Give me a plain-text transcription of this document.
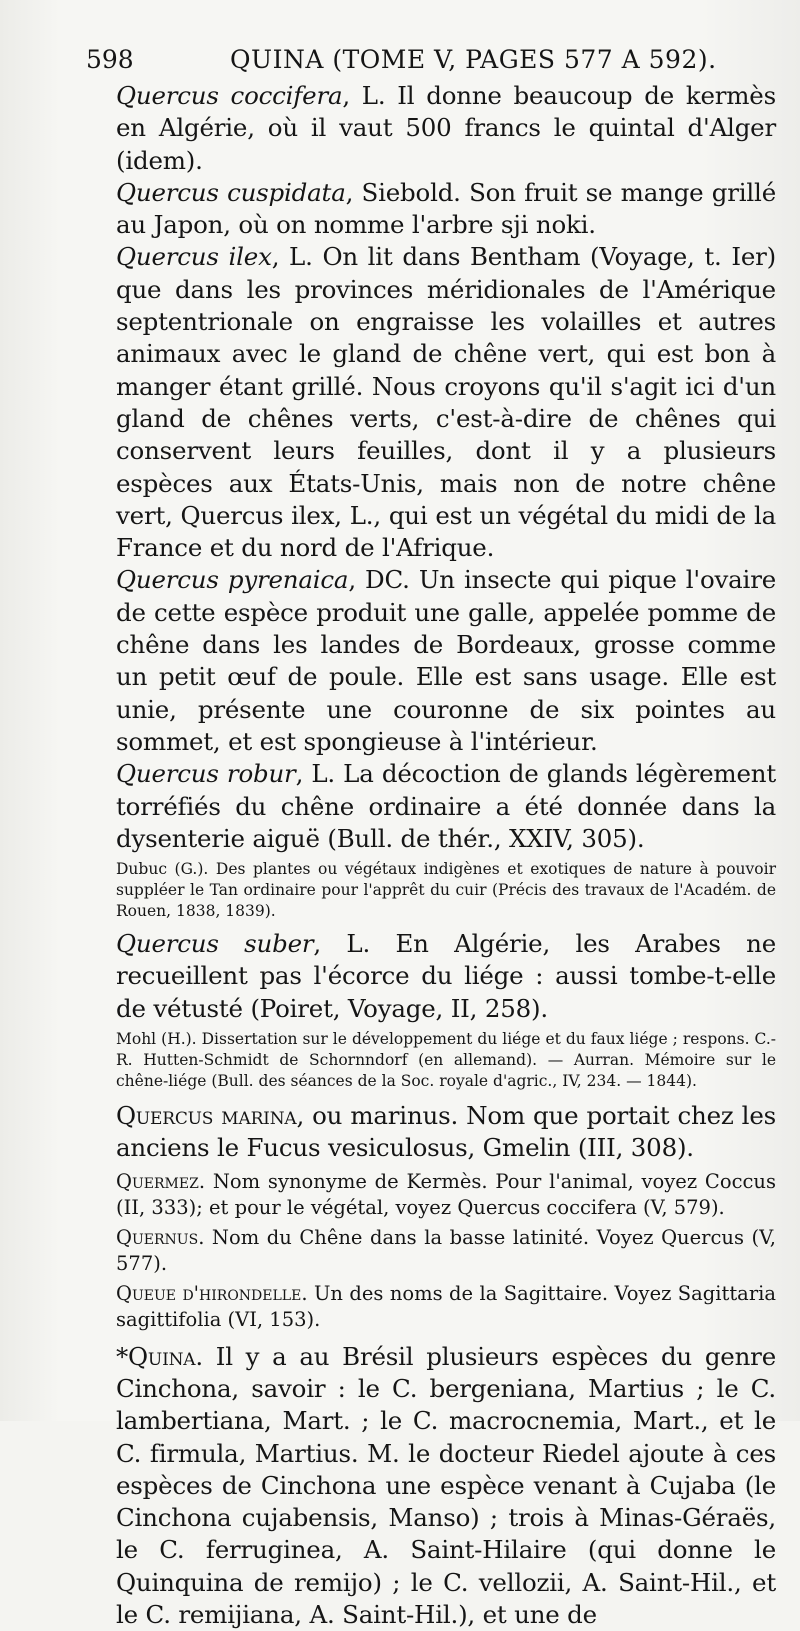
598	QUINA (TOME V, PAGES 577 A 592).

Quercus coccifera, L. Il donne beaucoup de kermès en Algérie, où il vaut 500 francs le quintal d'Alger (idem).

Quercus cuspidata, Siebold. Son fruit se mange grillé au Japon, où on nomme l'arbre sji noki.

Quercus ilex, L. On lit dans Bentham (Voyage, t. Ier) que dans les provinces méridionales de l'Amérique septentrionale on engraisse les volailles et autres animaux avec le gland de chêne vert, qui est bon à manger étant grillé. Nous croyons qu'il s'agit ici d'un gland de chênes verts, c'est-à-dire de chênes qui conservent leurs feuilles, dont il y a plusieurs espèces aux États-Unis, mais non de notre chêne vert, Quercus ilex, L., qui est un végétal du midi de la France et du nord de l'Afrique.

Quercus pyrenaica, DC. Un insecte qui pique l'ovaire de cette espèce produit une galle, appelée pomme de chêne dans les landes de Bordeaux, grosse comme un petit œuf de poule. Elle est sans usage. Elle est unie, présente une couronne de six pointes au sommet, et est spongieuse à l'intérieur.

Quercus robur, L. La décoction de glands légèrement torréfiés du chêne ordinaire a été donnée dans la dysenterie aiguë (Bull. de thér., XXIV, 305).

Dubuc (G.). Des plantes ou végétaux indigènes et exotiques de nature à pouvoir suppléer le Tan ordinaire pour l'apprêt du cuir (Précis des travaux de l'Académ. de Rouen, 1838, 1839).

Quercus suber, L. En Algérie, les Arabes ne recueillent pas l'écorce du liége : aussi tombe-t-elle de vétusté (Poiret, Voyage, II, 258).

Mohl (H.). Dissertation sur le développement du liége et du faux liége ; respons. C.-R. Hutten-Schmidt de Schornndorf (en allemand). — Aurran. Mémoire sur le chêne-liége (Bull. des séances de la Soc. royale d'agric., IV, 234. — 1844).

Quercus marina, ou marinus. Nom que portait chez les anciens le Fucus vesiculosus, Gmelin (III, 308).

Quermez. Nom synonyme de Kermès. Pour l'animal, voyez Coccus (II, 333); et pour le végétal, voyez Quercus coccifera (V, 579).

Quernus. Nom du Chêne dans la basse latinité. Voyez Quercus (V, 577).

Queue d'hirondelle. Un des noms de la Sagittaire. Voyez Sagittaria sagittifolia (VI, 153).

*Quina. Il y a au Brésil plusieurs espèces du genre Cinchona, savoir : le C. bergeniana, Martius ; le C. lambertiana, Mart. ; le C. macrocnemia, Mart., et le C. firmula, Martius. M. le docteur Riedel ajoute à ces espèces de Cinchona une espèce venant à Cujaba (le Cinchona cujabensis, Manso) ; trois à Minas-Géraës, le C. ferruginea, A. Saint-Hilaire (qui donne le Quinquina de remijo) ; le C. vellozii, A. Saint-Hil., et le C. remijiana, A. Saint-Hil.), et une de
